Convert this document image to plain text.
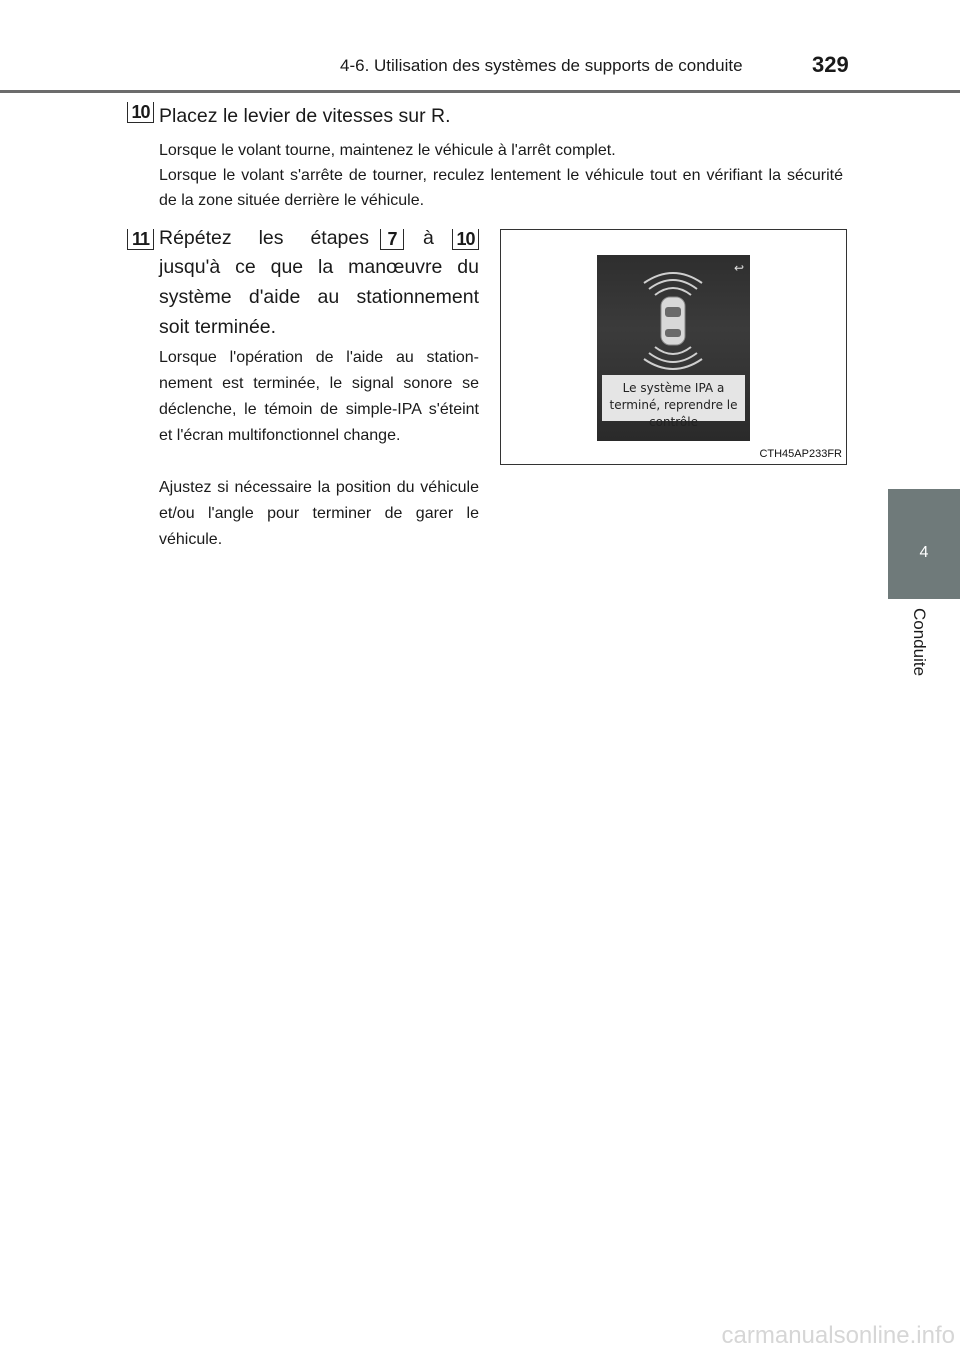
4-6. Utilisation des systèmes de supports de conduite	329
4
Conduite
10 Placez le levier de vitesses sur R.
Lorsque le volant tourne, maintenez le véhicule à l'arrêt complet.
Lorsque le volant s'arrête de tourner, reculez lentement le véhicule tout en vérifiant la sécurité de la zone située derrière le véhicule.
11 Répétez les étapes	7	à	10
jusqu'à ce que la manœuvre du système d'aide au stationnement soit terminée.
Lorsque l'opération de l'aide au station-nement est terminée, le signal sonore se déclenche, le témoin de simple-IPA s'éteint et l'écran multifonctionnel change.
Ajustez si nécessaire la position du véhicule et/ou l'angle pour terminer de garer le véhicule.
↩
Le système IPA a terminé, reprendre le contrôle
CTH45AP233FR
carmanualsonline.info
